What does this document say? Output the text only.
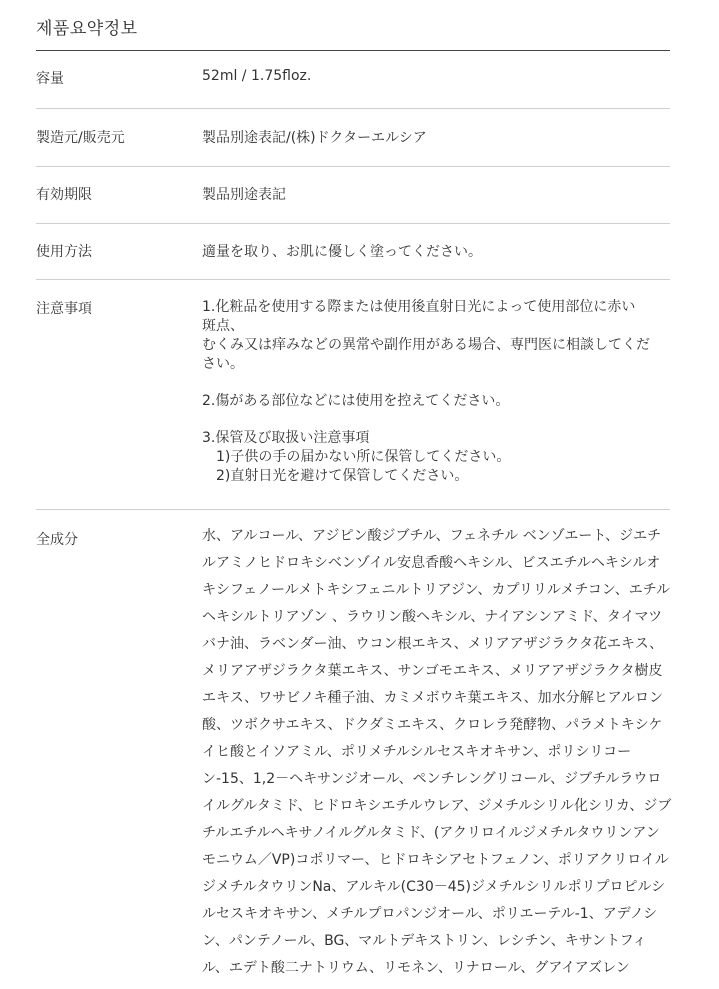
제품요약정보
容量	52ml / 1.75floz.
製造元/販売元	製品別途表記/(株)ドクターエルシア
有効期限	製品別途表記
使用方法	適量を取り、お肌に優しく塗ってください。
注意事項	1.化粧品を使用する際または使用後直射日光によって使用部位に赤い

斑点、

むくみ又は痒みなどの異常や副作用がある場合、専門医に相談してくだ

さい。

2.傷がある部位などには使用を控えてください。

3.保管及び取扱い注意事項

　1)子供の手の届かない所に保管してください。

　2)直射日光を避けて保管してください。

全成分	水、アルコール、アジピン酸ジブチル、フェネチル ベンゾエート、ジエチルアミノヒドロキシベンゾイル安息香酸ヘキシル、ビスエチルヘキシルオキシフェノールメトキシフェニルトリアジン、カプリリルメチコン、エチルヘキシルトリアゾン 、ラウリン酸ヘキシル、ナイアシンアミド、タイマツバナ油、ラベンダー油、ウコン根エキス、メリアアザジラクタ花エキス、メリアアザジラクタ葉エキス、サンゴモエキス、メリアアザジラクタ樹皮エキス、ワサビノキ種子油、カミメボウキ葉エキス、加水分解ヒアルロン酸、ツボクサエキス、ドクダミエキス、クロレラ発酵物、パラメトキシケイヒ酸とイソアミル、ポリメチルシルセスキオキサン、ポリシリコーン-15、1,2－ヘキサンジオール、ペンチレングリコール、ジブチルラウロイルグルタミド、ヒドロキシエチルウレア、ジメチルシリル化シリカ、ジブチルエチルヘキサノイルグルタミド、(アクリロイルジメチルタウリンアンモニウム／VP)コポリマー、ヒドロキシアセトフェノン、ポリアクリロイルジメチルタウリンNa、アルキル(C30－45)ジメチルシリルポリプロピルシルセスキオキサン、メチルプロパンジオール、ポリエーテル-1、アデノシン、パンテノール、BG、マルトデキストリン、レシチン、キサントフィル、エデト酸二ナトリウム、リモネン、リナロール、グアイアズレン
